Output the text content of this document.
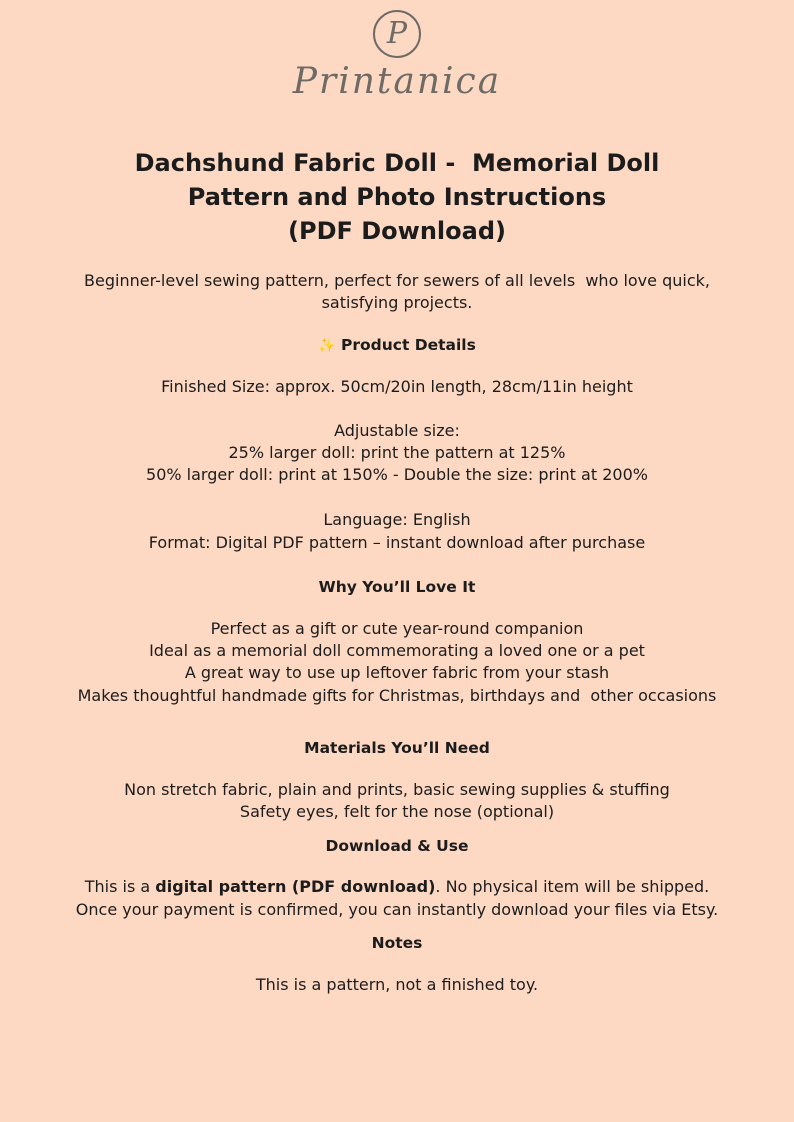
P
Printanica
Dachshund Fabric Doll -  Memorial Doll
Pattern and Photo Instructions
(PDF Download)
Beginner-level sewing pattern, perfect for sewers of all levels  who love quick,
satisfying projects.
✨ Product Details
Finished Size: approx. 50cm/20in length, 28cm/11in height
Adjustable size:
25% larger doll: print the pattern at 125%
50% larger doll: print at 150% - Double the size: print at 200%
Language: English
Format: Digital PDF pattern – instant download after purchase
Why You’ll Love It
Perfect as a gift or cute year-round companion
Ideal as a memorial doll commemorating a loved one or a pet
A great way to use up leftover fabric from your stash
Makes thoughtful handmade gifts for Christmas, birthdays and  other occasions
Materials You’ll Need
Non stretch fabric, plain and prints, basic sewing supplies & stuffing
Safety eyes, felt for the nose (optional)
Download & Use
This is a digital pattern (PDF download). No physical item will be shipped.
Once your payment is confirmed, you can instantly download your files via Etsy.
Notes
This is a pattern, not a finished toy.
